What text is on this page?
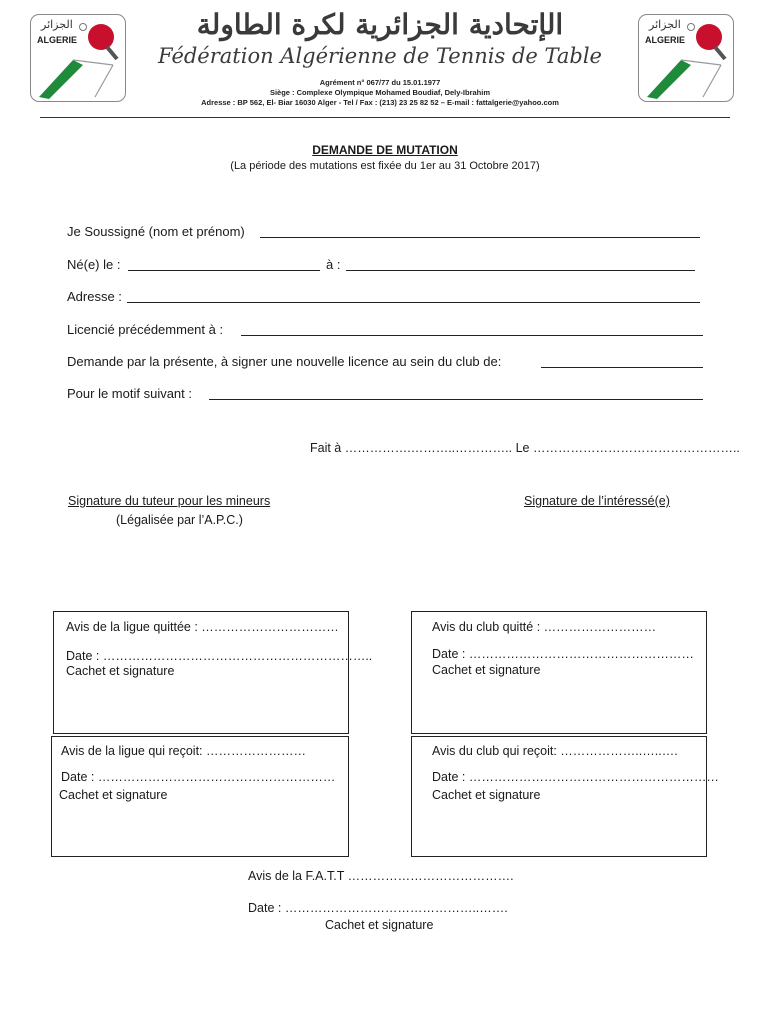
الجزائر
ALGERIE
الجزائر
ALGERIE
الإتحادية الجزائرية لكرة الطاولة
Fédération Algérienne de Tennis de Table
Agrément n° 067/77 du 15.01.1977
Siège : Complexe Olympique Mohamed Boudiaf, Dely-Ibrahim
Adresse : BP 562, El- Biar 16030 Alger - Tel / Fax : (213) 23 25 82 52 – E-mail : fattalgerie@yahoo.com
DEMANDE DE MUTATION
(La période des mutations est fixée du 1er au 31 Octobre 2017)
Je Soussigné (nom et prénom)
Né(e) le :	à :
Adresse :
Licencié précédemment à :
Demande par la présente, à signer une nouvelle licence au sein du club de:
Pour le motif suivant :
Fait à …………….………..………….. Le …………………………………………..
Signature du tuteur pour les mineurs
(Légalisée par l’A.P.C.)
Signature de l’intéressé(e)
Avis de la ligue quittée : ……………………………
Date : ………………………………………………………..
Cachet et signature
Avis du club quitté : ………………………
Date : ………………………………………………
Cachet et signature
Avis de la ligue qui reçoit: ……………………
Date : …………………………………………………
Cachet et signature
Avis du club qui reçoit: ………………..…..….
Date : ……………………………………………………
Cachet et signature
Avis de la F.A.T.T ………………………………….
Date : ………………………………………..…….
Cachet et signature
